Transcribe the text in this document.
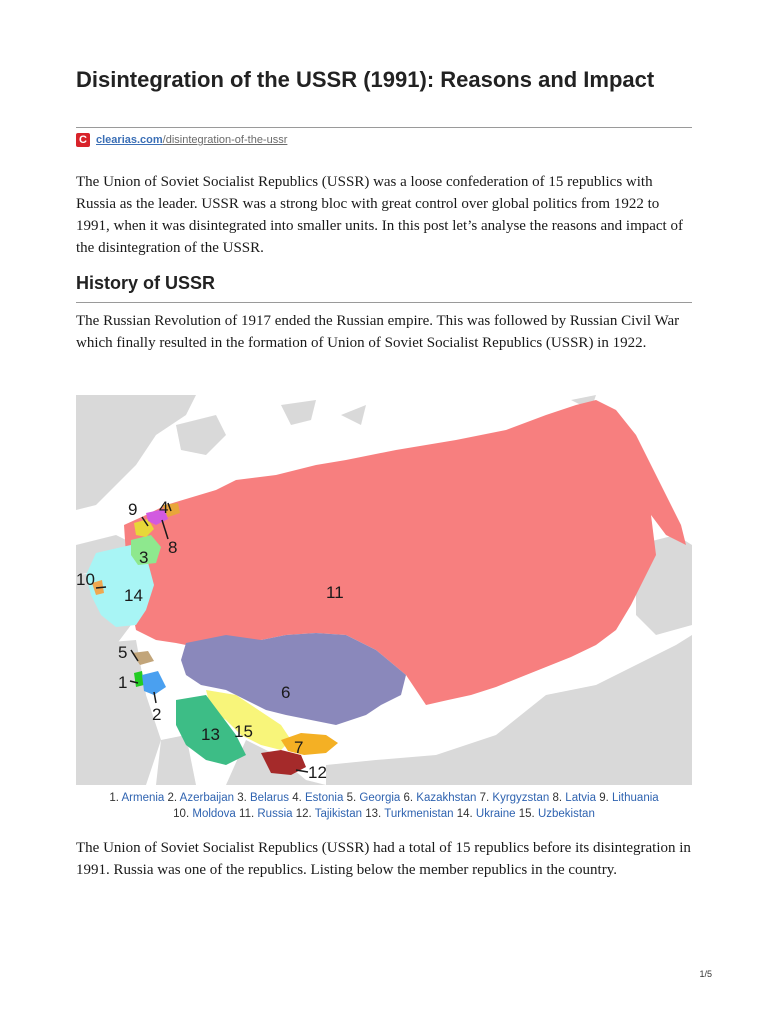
Disintegration of the USSR (1991): Reasons and Impact
C clearias.com /disintegration-of-the-ussr

The Union of Soviet Socialist Republics (USSR) was a loose confederation of 15 republics with Russia as the leader. USSR was a strong bloc with great control over global politics from 1922 to 1991, when it was disintegrated into smaller units. In this post let’s analyse the reasons and impact of the disintegration of the USSR.

History of USSR

The Russian Revolution of 1917 ended the Russian empire. This was followed by Russian Civil War which finally resulted in the formation of Union of Soviet Socialist Republics (USSR) in 1922.

1
2
3
4
5
6
7
8
9
10
11
12
13
14
15
1. Armenia 2. Azerbaijan 3. Belarus 4. Estonia 5. Georgia 6. Kazakhstan 7. Kyrgyzstan 8. Latvia 9. Lithuania
10. Moldova 11. Russia 12. Tajikistan 13. Turkmenistan 14. Ukraine 15. Uzbekistan

The Union of Soviet Socialist Republics (USSR) had a total of 15 republics before its disintegration in 1991. Russia was one of the republics. Listing below the member republics in the country.

1/5
